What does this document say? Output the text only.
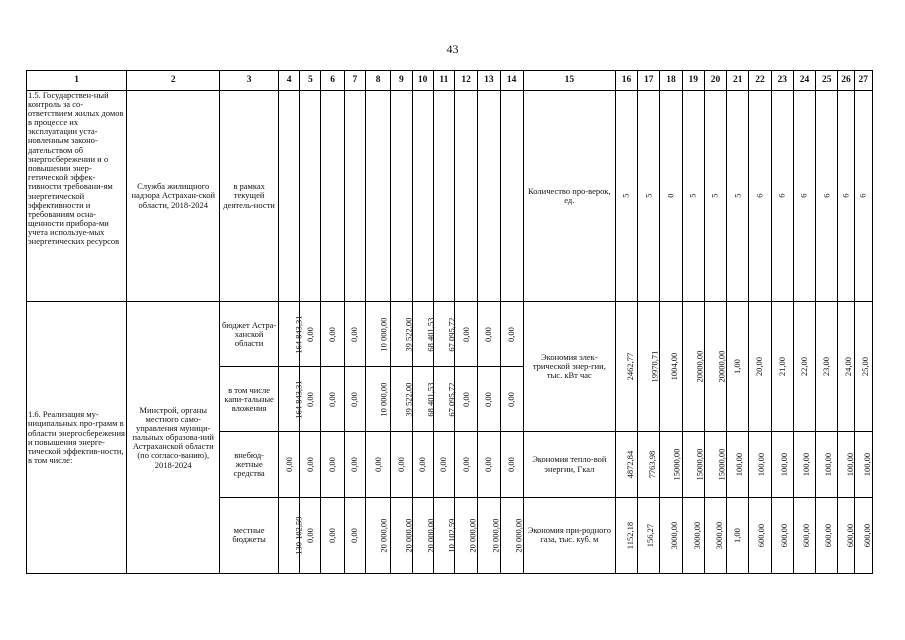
43
1	2	3	4	5	6	7	8	9	10	11	12	13	14	15	16	17	18	19	20	21	22	23	24	25	26	27
1.5. Государствен-ный контроль за со-ответствием жилых домов в процессе их эксплуатации уста-новленным законо-дательством об энергосбережении и о повышении энер-гетической эффек-тивности требовани-ям энергетической эффективности и требованиям осна-щенности прибора-ми учета используе-мых энергетических ресурсов	Служба жилищного надзора Астрахан-ской области, 2018-2024	в рамках текущей деятель-ности												Количество про-верок, ед.	5	5	0	5	5	5	6	6	6	6	6	6
1.6. Реализация му-ниципальных про-грамм в области энергосбережения и повышения энерге-тической эффектив-ности, в том числе:	Минстрой, органы местного само-управления муници-пальных образова-ний Астраханской области (по согласо-ванию), 2018-2024	бюджет Астра-ханской области	164 843,31	0,00	0,00	0,00	10 000,00	39 522,00	68 401,53	67 095,72	0,00	0,00	0,00	Экономия элек-трической энер-гии, тыс. кВт час	2462,77	19970,71	1004,00	20000,00	20000,00	1,00	20,00	21,00	22,00	23,00	24,00	25,00
		в том числе капи-тальные вложения	164 843,31	0,00	0,00	0,00	10 000,00	39 522,00	68 401,53	67 095,72	0,00	0,00	0,00													
		внебюд-жетные средства	0,00	0,00	0,00	0,00	0,00	0,00	0,00	0,00	0,00	0,00	0,00	Экономия тепло-вой энергии, Гкал	4872,84	7763,98	15000,00	15000,00	15000,00	100,00	100,00	100,00	100,00	100,00	100,00	100,00
		местные бюджеты	130 102,59	0,00	0,00	0,00	20 000,00	20 000,00	20 000,00	10 102,59	20 000,00	20 000,00	20 000,00	Экономия при-родного газа, тыс. куб. м	1152,18	156,27	3000,00	3000,00	3000,00	1,00	600,00	600,00	600,00	600,00	600,00	600,00
